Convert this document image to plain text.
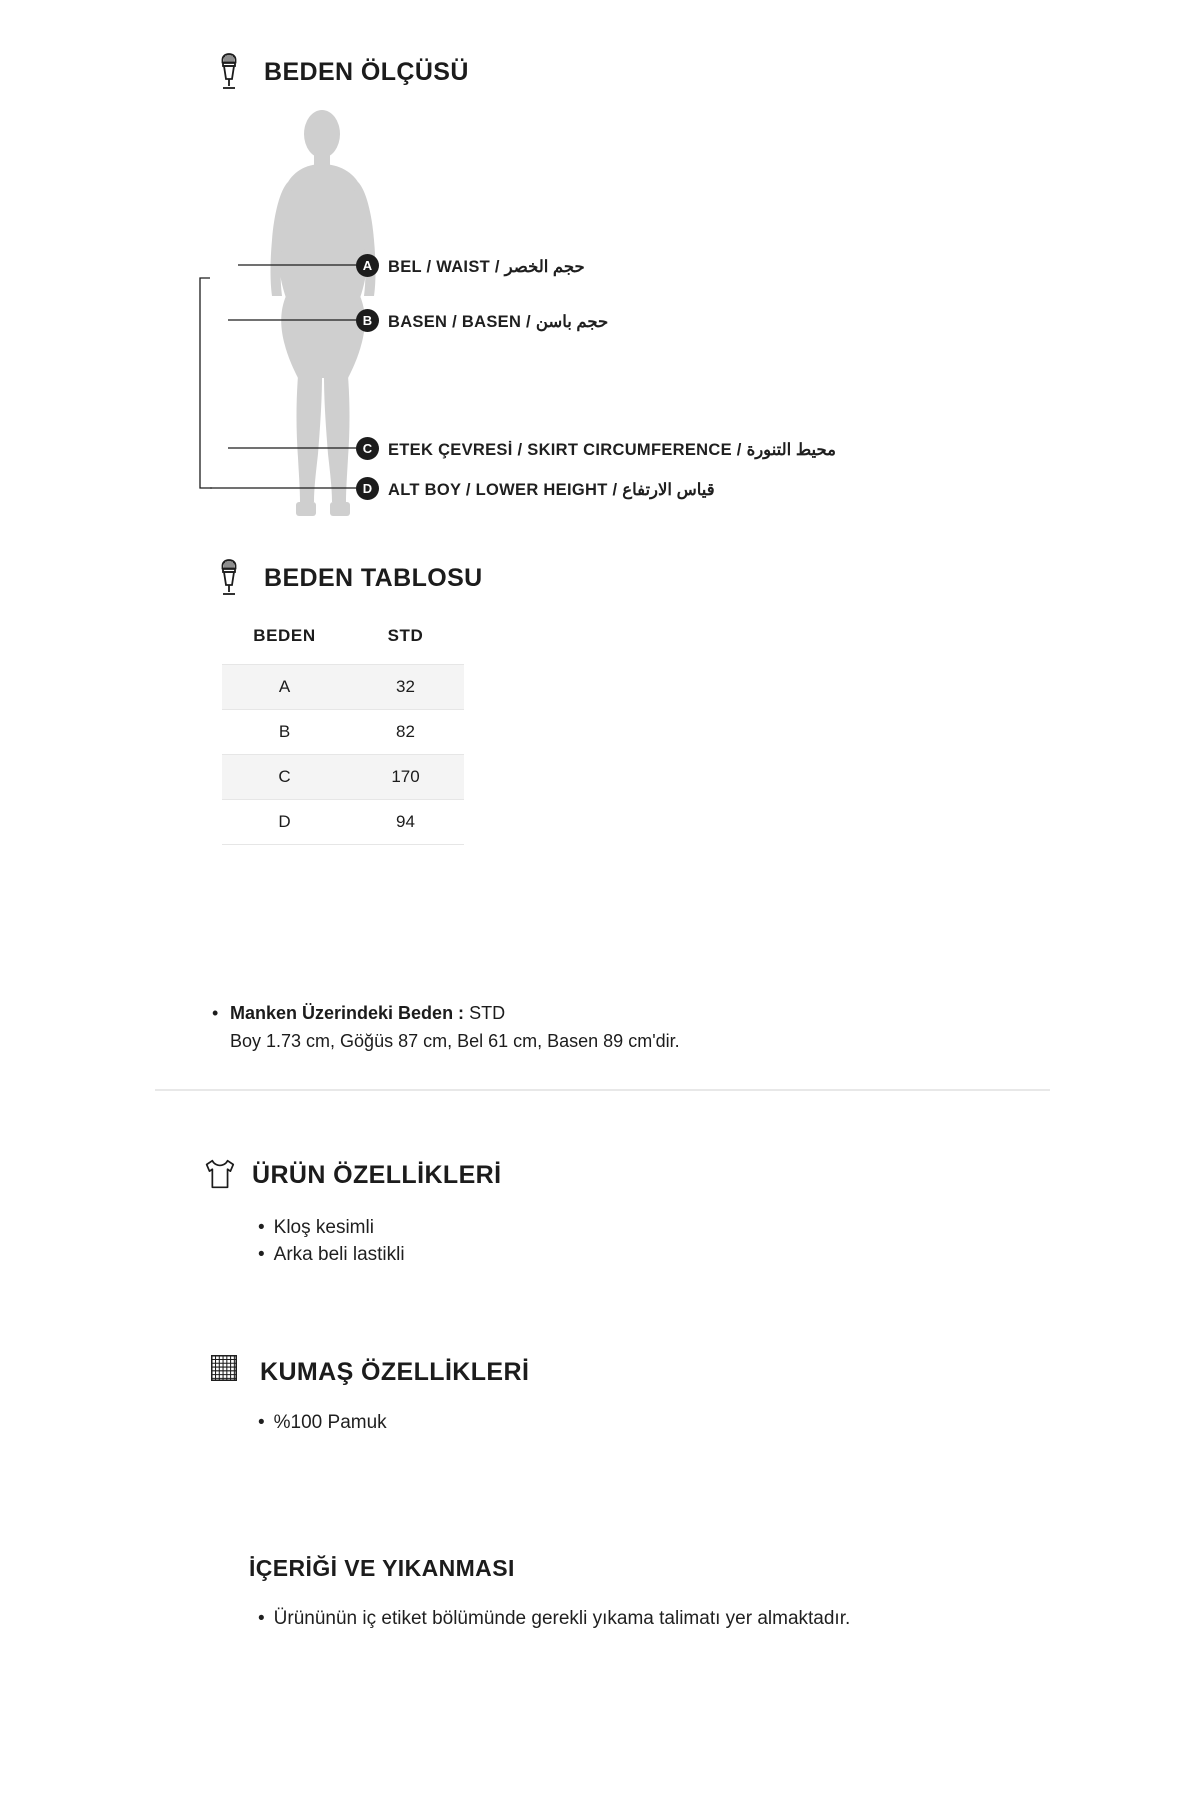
BEDEN ÖLÇÜSÜ
A BEL / WAIST / حجم الخصر
B BASEN / BASEN / حجم باسن
C ETEK ÇEVRESİ / SKIRT CIRCUMFERENCE / محيط التنورة
D ALT BOY / LOWER HEIGHT / قياس الارتفاع
BEDEN TABLOSU
BEDEN	STD
A	32
B	82
C	170
D	94
• Manken Üzerindeki Beden : STD
Boy 1.73 cm, Göğüs 87 cm, Bel 61 cm, Basen 89 cm'dir.
ÜRÜN ÖZELLİKLERİ
• Kloş kesimli
• Arka beli lastikli
KUMAŞ ÖZELLİKLERİ
• %100 Pamuk
İÇERİĞİ VE YIKANMASI
• Ürününün iç etiket bölümünde gerekli yıkama talimatı yer almaktadır.
